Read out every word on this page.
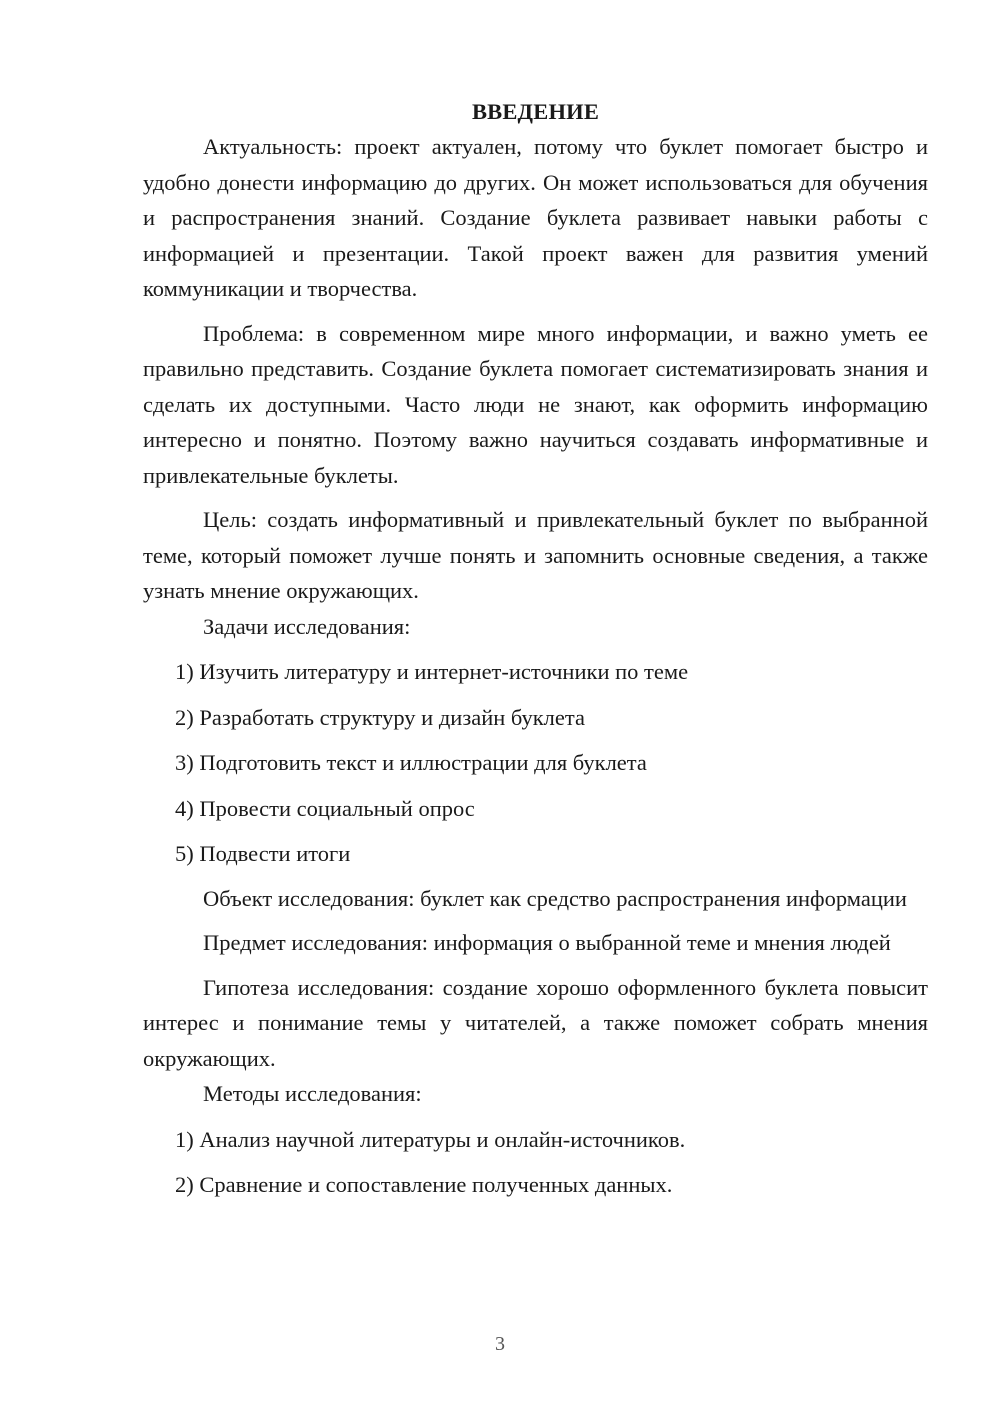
ВВЕДЕНИЕ

Актуальность: проект актуален, потому что буклет помогает быстро и удобно донести информацию до других. Он может использоваться для обучения и распространения знаний. Создание буклета развивает навыки работы с информацией и презентации. Такой проект важен для развития умений коммуникации и творчества.

Проблема: в современном мире много информации, и важно уметь ее правильно представить. Создание буклета помогает систематизировать знания и сделать их доступными. Часто люди не знают, как оформить информацию интересно и понятно. Поэтому важно научиться создавать информативные и привлекательные буклеты.

Цель: создать информативный и привлекательный буклет по выбранной теме, который поможет лучше понять и запомнить основные сведения, а также узнать мнение окружающих.

Задачи исследования:

1) Изучить литературу и интернет-источники по теме

2) Разработать структуру и дизайн буклета

3) Подготовить текст и иллюстрации для буклета

4) Провести социальный опрос

5) Подвести итоги

Объект исследования: буклет как средство распространения информации

Предмет исследования: информация о выбранной теме и мнения людей

Гипотеза исследования: создание хорошо оформленного буклета повысит интерес и понимание темы у читателей, а также поможет собрать мнения окружающих.

Методы исследования:

1) Анализ научной литературы и онлайн-источников.

2) Сравнение и сопоставление полученных данных.

3
